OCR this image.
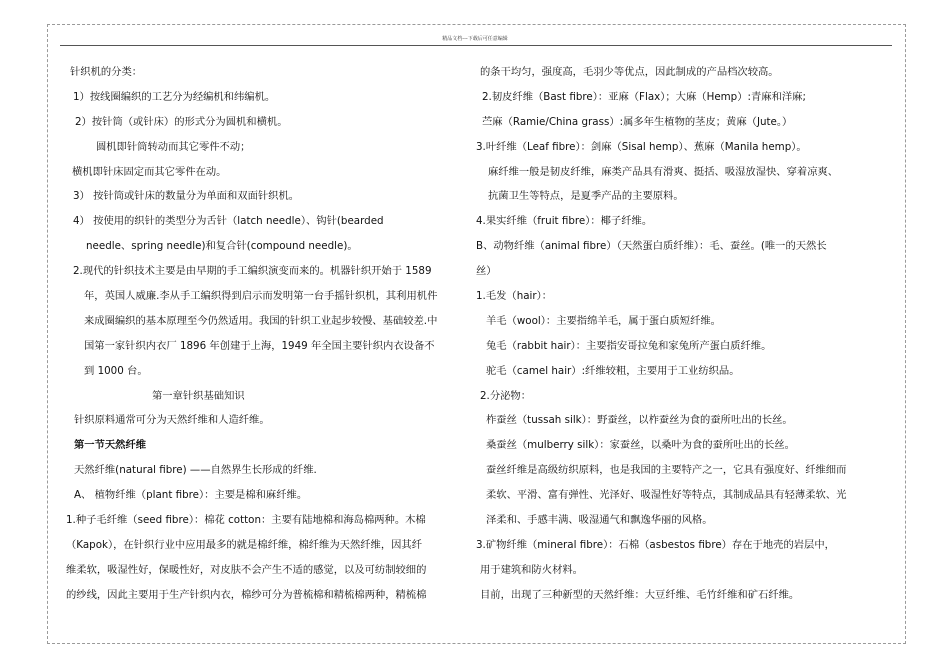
精品文档---下载后可任意编辑
针织机的分类：
1）按线圈编织的工艺分为经编机和纬编机。
2）按针筒（或针床）的形式分为圆机和横机。
圆机即针筒转动而其它零件不动；
横机即针床固定而其它零件在动。
3） 按针筒或针床的数量分为单面和双面针织机。
4） 按使用的织针的类型分为舌针（latch needle）、钩针(bearded
needle、spring needle)和复合针(compound needle)。
2.现代的针织技术主要是由早期的手工编织演变而来的。机器针织开始于 1589
年，英国人威廉.李从手工编织得到启示而发明第一台手摇针织机，其利用机件
来成圈编织的基本原理至今仍然适用。我国的针织工业起步较慢、基础较差.中
国第一家针织内衣厂 1896 年创建于上海，1949 年全国主要针织内衣设备不
到 1000 台。
第一章针织基础知识
针织原料通常可分为天然纤维和人造纤维。
第一节天然纤维
天然纤维(natural fibre) ——自然界生长形成的纤维.
A、 植物纤维（plant fibre）：主要是棉和麻纤维。
1.种子毛纤维（seed fibre）：棉花 cotton：主要有陆地棉和海岛棉两种。木棉
（Kapok），在针织行业中应用最多的就是棉纤维，棉纤维为天然纤维，因其纤
维柔软，吸湿性好，保暖性好，对皮肤不会产生不适的感觉，以及可纺制较细的
的纱线，因此主要用于生产针织内衣，棉纱可分为普梳棉和精梳棉两种，精梳棉
的条干均匀，强度高，毛羽少等优点，因此制成的产品档次较高。
2.韧皮纤维（Bast fibre）：亚麻（Flax）；大麻（Hemp）:青麻和洋麻;
苎麻（Ramie/China grass）:属多年生植物的茎皮；黄麻（Jute。）
3.叶纤维（Leaf fibre）：剑麻（Sisal hemp）、蕉麻（Manila hemp）。
麻纤维一般是韧皮纤维，麻类产品具有滑爽、挺括、吸湿放湿快、穿着凉爽、
抗菌卫生等特点，是夏季产品的主要原料。
4.果实纤维（fruit fibre）：椰子纤维。
B、动物纤维（animal fibre）（天然蛋白质纤维）：毛、蚕丝。(唯一的天然长
丝）
1.毛发（hair）：
羊毛（wool）：主要指绵羊毛，属于蛋白质短纤维。
兔毛（rabbit hair）：主要指安哥拉兔和家兔所产蛋白质纤维。
驼毛（camel hair）:纤维较粗，主要用于工业纺织品。
2.分泌物：
柞蚕丝（tussah silk）：野蚕丝，以柞蚕丝为食的蚕所吐出的长丝。
桑蚕丝（mulberry silk）：家蚕丝，以桑叶为食的蚕所吐出的长丝。
蚕丝纤维是高级纺织原料，也是我国的主要特产之一，它具有强度好、纤维细而
柔软、平滑、富有弹性、光泽好、吸湿性好等特点，其制成品具有轻薄柔软、光
泽柔和、手感丰满、吸湿通气和飘逸华丽的风格。
3.矿物纤维（mineral fibre）：石棉（asbestos fibre）存在于地壳的岩层中，
用于建筑和防火材料。
目前，出现了三种新型的天然纤维：大豆纤维、毛竹纤维和矿石纤维。
